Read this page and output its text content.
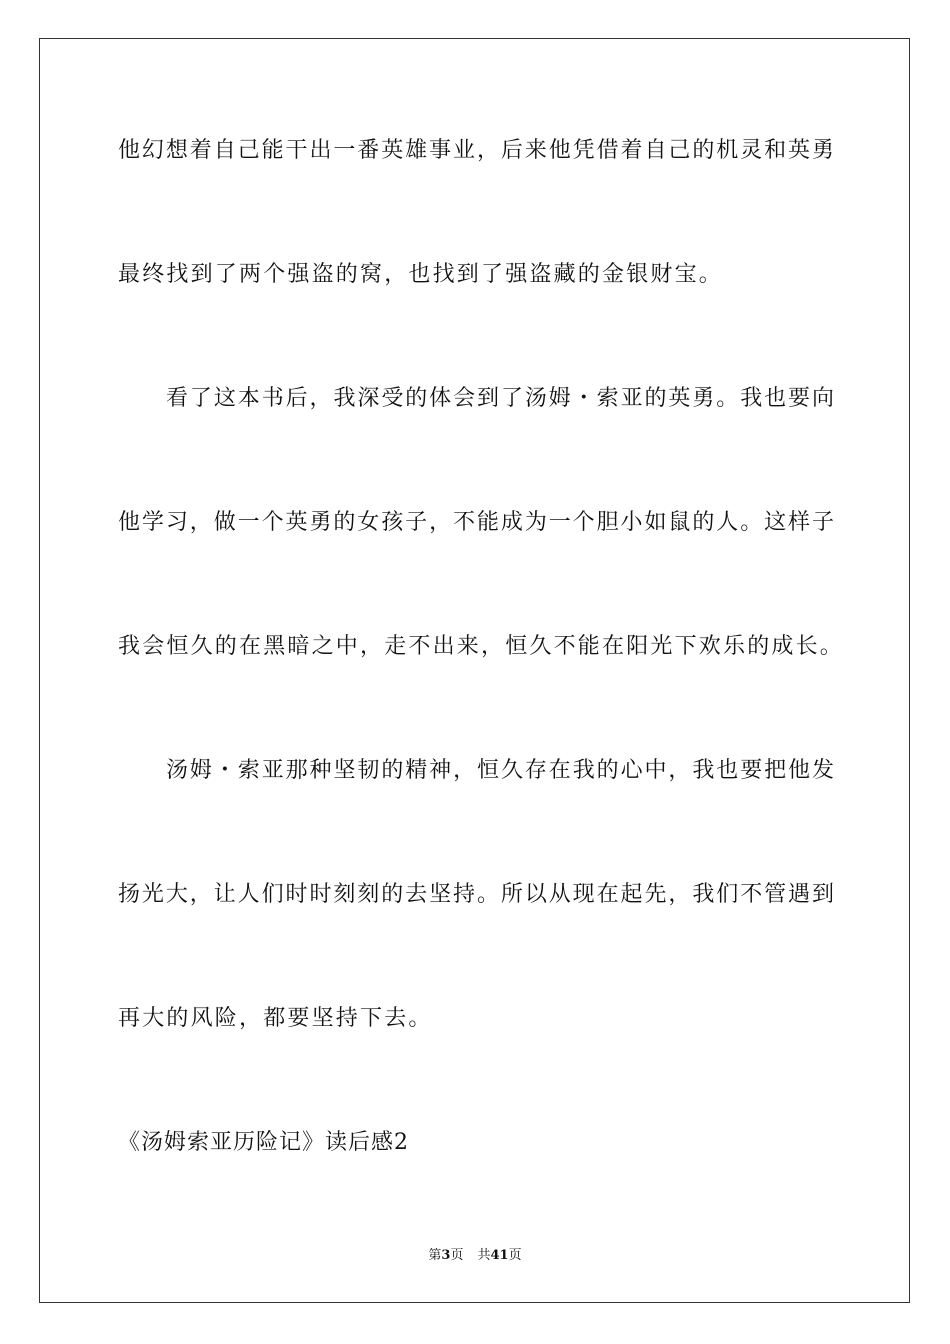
他幻想着自己能干出一番英雄事业，后来他凭借着自己的机灵和英勇
最终找到了两个强盗的窝，也找到了强盗藏的金银财宝。
看了这本书后，我深受的体会到了汤姆・索亚的英勇。我也要向
他学习，做一个英勇的女孩子，不能成为一个胆小如鼠的人。这样子
我会恒久的在黑暗之中，走不出来，恒久不能在阳光下欢乐的成长。
汤姆・索亚那种坚韧的精神，恒久存在我的心中，我也要把他发
扬光大，让人们时时刻刻的去坚持。所以从现在起先，我们不管遇到
再大的风险，都要坚持下去。
《汤姆索亚历险记》读后感2
第3页 共41页
